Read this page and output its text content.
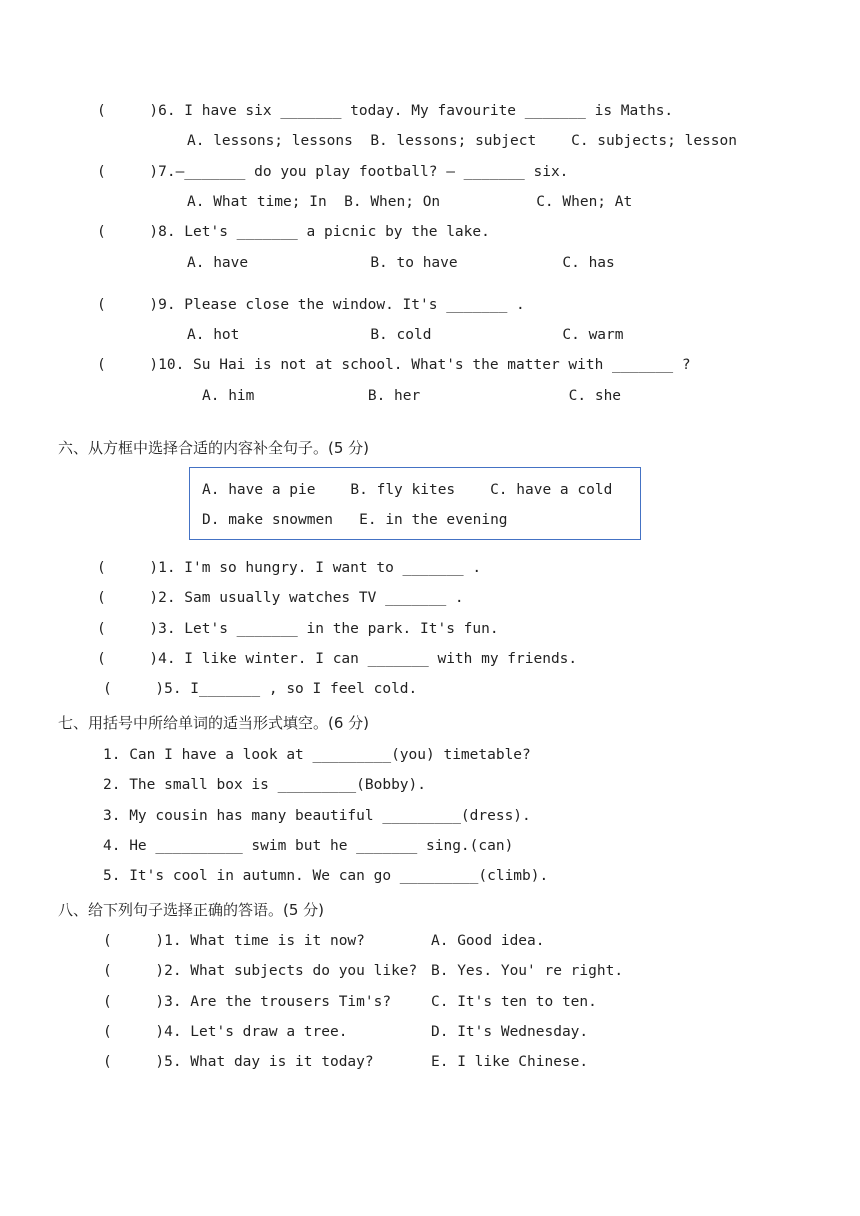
(     )6. I have six _______ today. My favourite _______ is Maths.
A. lessons; lessons  B. lessons; subject    C. subjects; lesson
(     )7.—_______ do you play football? — _______ six.
A. What time; In  B. When; On           C. When; At
(     )8. Let's _______ a picnic by the lake.
A. have              B. to have            C. has
(     )9. Please close the window. It's _______ .
A. hot               B. cold               C. warm
(     )10. Su Hai is not at school. What's the matter with _______ ?
A. him             B. her                 C. she
六、从方框中选择合适的内容补全句子。(5 分)
A. have a pie    B. fly kites    C. have a cold
D. make snowmen   E. in the evening
(     )1. I'm so hungry. I want to _______ .
(     )2. Sam usually watches TV _______ .
(     )3. Let's _______ in the park. It's fun.
(     )4. I like winter. I can _______ with my friends.
(     )5. I_______ , so I feel cold.
七、用括号中所给单词的适当形式填空。(6 分)
1. Can I have a look at _________(you) timetable?
2. The small box is _________(Bobby).
3. My cousin has many beautiful _________(dress).
4. He __________ swim but he _______ sing.(can)
5. It's cool in autumn. We can go _________(climb).
八、给下列句子选择正确的答语。(5 分)
(     )1. What time is it now?	A. Good idea.
(     )2. What subjects do you like? B. Yes. You' re right.
(     )3. Are the trousers Tim's?	C. It's ten to ten.
(     )4. Let's draw a tree.	D. It's Wednesday.
(     )5. What day is it today?	E. I like Chinese.
